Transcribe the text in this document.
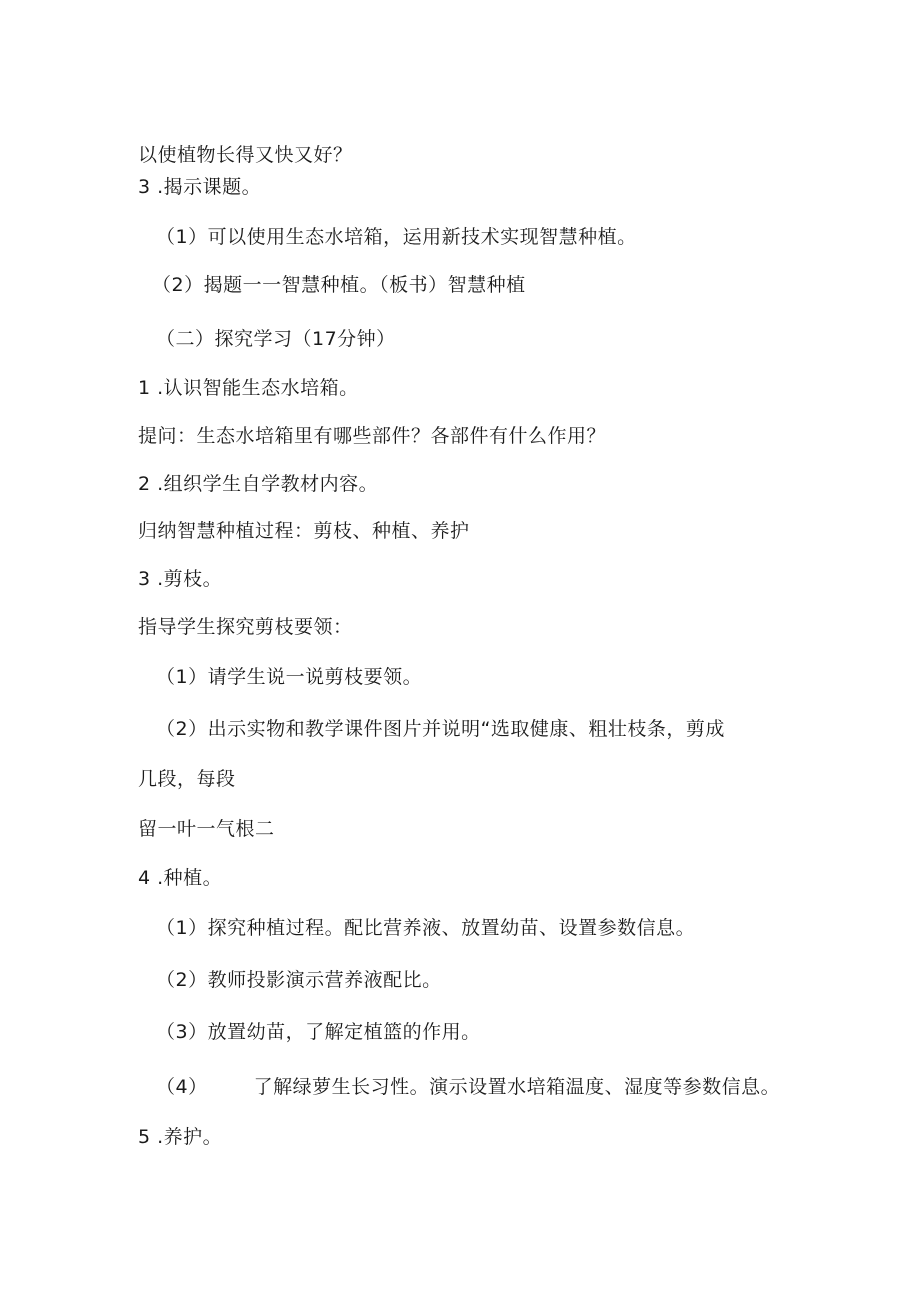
以使植物长得又快又好？
3 .揭示课题。
（1）可以使用生态水培箱，运用新技术实现智慧种植。
（2）揭题一一智慧种植。（板书）智慧种植
（二）探究学习（17分钟）
1 .认识智能生态水培箱。
提问：生态水培箱里有哪些部件？各部件有什么作用？
2 .组织学生自学教材内容。
归纳智慧种植过程：剪枝、种植、养护
3 .剪枝。
指导学生探究剪枝要领：
（1）请学生说一说剪枝要领。
（2）出示实物和教学课件图片并说明“选取健康、粗壮枝条，剪成
几段，每段
留一叶一气根二
4 .种植。
（1）探究种植过程。配比营养液、放置幼苗、设置参数信息。
（2）教师投影演示营养液配比。
（3）放置幼苗，了解定植篮的作用。
（4） 了解绿萝生长习性。演示设置水培箱温度、湿度等参数信息。
5 .养护。
